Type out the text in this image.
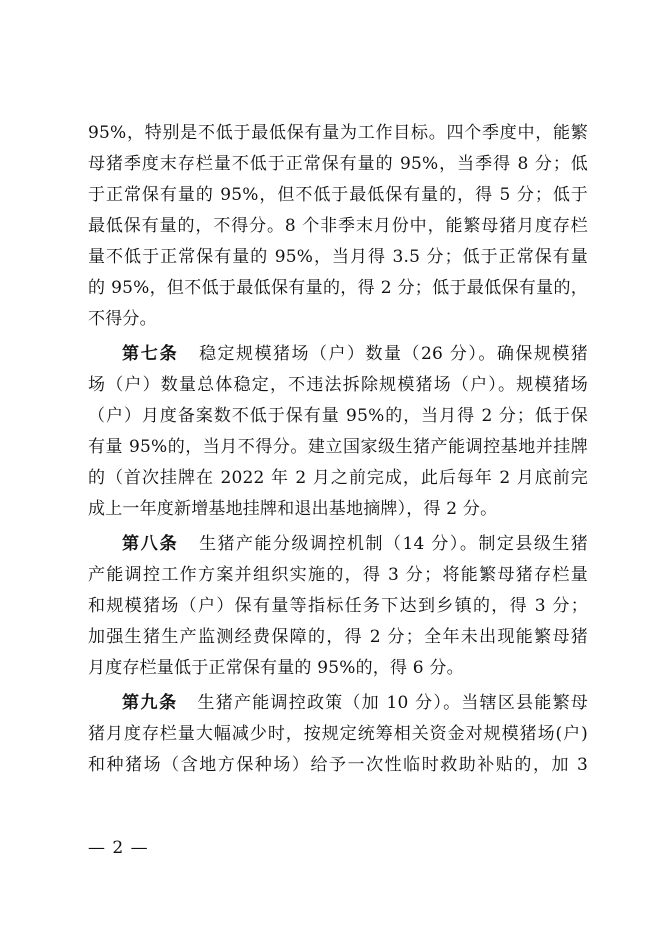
95%，特别是不低于最低保有量为工作目标。四个季度中，能繁
母猪季度末存栏量不低于正常保有量的 95%，当季得 8 分；低
于正常保有量的 95%，但不低于最低保有量的，得 5 分；低于
最低保有量的，不得分。8 个非季末月份中，能繁母猪月度存栏
量不低于正常保有量的 95%，当月得 3.5 分；低于正常保有量
的 95%，但不低于最低保有量的，得 2 分；低于最低保有量的，
不得分。
第七条 稳定规模猪场（户）数量（26 分）。确保规模猪
场（户）数量总体稳定，不违法拆除规模猪场（户）。规模猪场
（户）月度备案数不低于保有量 95%的，当月得 2 分；低于保
有量 95%的，当月不得分。建立国家级生猪产能调控基地并挂牌
的（首次挂牌在 2022 年 2 月之前完成，此后每年 2 月底前完
成上一年度新增基地挂牌和退出基地摘牌），得 2 分。
第八条 生猪产能分级调控机制（14 分）。制定县级生猪
产能调控工作方案并组织实施的，得 3 分；将能繁母猪存栏量
和规模猪场（户）保有量等指标任务下达到乡镇的，得 3 分；
加强生猪生产监测经费保障的，得 2 分；全年未出现能繁母猪
月度存栏量低于正常保有量的 95%的，得 6 分。
第九条 生猪产能调控政策（加 10 分）。当辖区县能繁母
猪月度存栏量大幅减少时，按规定统筹相关资金对规模猪场(户)
和种猪场（含地方保种场）给予一次性临时救助补贴的，加 3
— 2 —
